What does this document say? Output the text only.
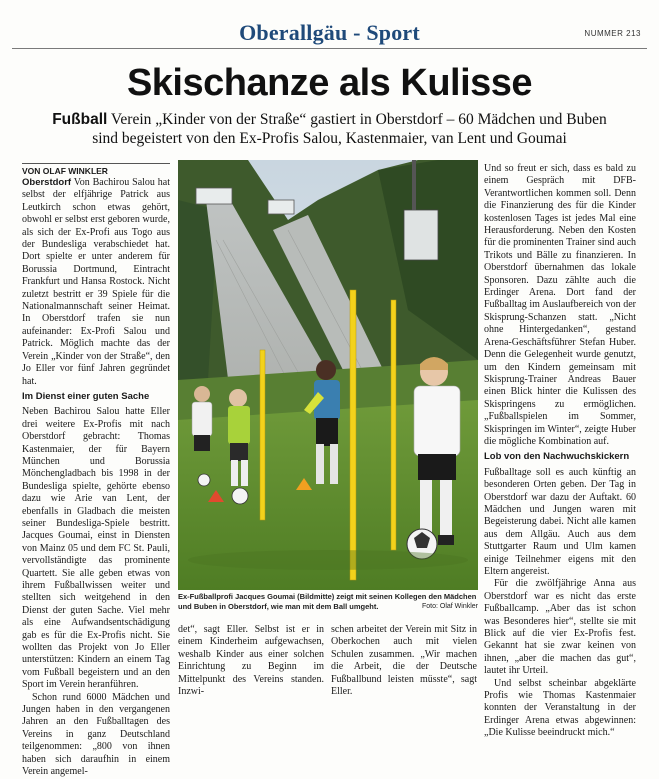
Oberallgäu - Sport	NUMMER 213
Skischanze als Kulisse
Fußball Verein „Kinder von der Straße“ gastiert in Oberstdorf – 60 Mädchen und Buben sind begeistert von den Ex-Profis Salou, Kastenmaier, van Lent und Goumai
VON OLAF WINKLER

Oberstdorf Von Bachirou Salou hat selbst der elfjährige Patrick aus Leutkirch schon etwas gehört, obwohl er selbst erst geboren wurde, als sich der Ex-Profi aus Togo aus der Bundesliga verabschiedet hat. Dort spielte er unter anderem für Borussia Dortmund, Eintracht Frankfurt und Hansa Rostock. Nicht zuletzt bestritt er 39 Spiele für die Nationalmannschaft seiner Heimat. In Oberstdorf trafen sie nun aufeinander: Ex-Profi Salou und Patrick. Möglich machte das der Verein „Kinder von der Straße“, den Jo Eller vor fünf Jahren gegründet hat.

Im Dienst einer guten Sache

Neben Bachirou Salou hatte Eller drei weitere Ex-Profis mit nach Oberstdorf gebracht: Thomas Kastenmaier, der für Bayern München und Borussia Mönchengladbach bis 1998 in der Bundesliga spielte, gehörte ebenso dazu wie Arie van Lent, der ebenfalls in Gladbach die meisten seiner Bundesliga-Spiele bestritt. Jacques Goumai, einst in Diensten von Mainz 05 und dem FC St. Pauli, vervollständigte das prominente Quartett. Sie alle geben etwas von ihrem Fußballwissen weiter und stellten sich weitgehend in den Dienst der guten Sache. Viel mehr als eine Aufwandsentschädigung gab es für die Ex-Profis nicht. Sie wollten das Projekt von Jo Eller unterstützen: Kindern an einem Tag vom Fußball begeistern und an den Sport im Verein heranführen.

Schon rund 6000 Mädchen und Jungen haben in den vergangenen Jahren an den Fußballtagen des Vereins in ganz Deutschland teilgenommen: „800 von ihnen haben sich daraufhin in einem Verein angemel-

Ex-Fußballprofi Jacques Goumai (Bildmitte) zeigt mit seinen Kollegen den Mädchen und Buben in Oberstdorf, wie man mit dem Ball umgeht.	Foto: Olaf Winkler

det“, sagt Eller. Selbst ist er in einem Kinderheim aufgewachsen, weshalb Kinder aus einer solchen Einrichtung zu Beginn im Mittelpunkt des Vereins standen. Inzwi-

schen arbeitet der Verein mit Sitz in Oberkochen auch mit vielen Schulen zusammen. „Wir machen die Arbeit, die der Deutsche Fußballbund leisten müsste“, sagt Eller.

Und so freut er sich, dass es bald zu einem Gespräch mit DFB-Verantwortlichen kommen soll. Denn die Finanzierung des für die Kinder kostenlosen Tages ist jedes Mal eine Herausforderung. Neben den Kosten für die prominenten Trainer sind auch Trikots und Bälle zu finanzieren. In Oberstdorf übernahmen das lokale Sponsoren. Dazu zählte auch die Erdinger Arena. Dort fand der Fußballtag im Auslaufbereich von der Skisprung-Schanzen statt. „Nicht ohne Hintergedanken“, gestand Arena-Geschäftsführer Stefan Huber. Denn die Gelegenheit wurde genutzt, um den Kindern gemeinsam mit Skisprung-Trainer Andreas Bauer einen Blick hinter die Kulissen des Skispringens zu ermöglichen. „Fußballspielen im Sommer, Skispringen im Winter“, zeigte Huber die mögliche Kombination auf.

Lob von den Nachwuchskickern

Fußballtage soll es auch künftig an besonderen Orten geben. Der Tag in Oberstdorf war dazu der Auftakt. 60 Mädchen und Jungen waren mit Begeisterung dabei. Nicht alle kamen aus dem Allgäu. Auch aus dem Stuttgarter Raum und Ulm kamen einige Teilnehmer eigens mit den Eltern angereist.

Für die zwölfjährige Anna aus Oberstdorf war es nicht das erste Fußballcamp. „Aber das ist schon was Besonderes hier“, stellte sie mit Blick auf die vier Ex-Profis fest. Gekannt hat sie zwar keinen von ihnen, „aber die machen das gut“, lautet ihr Urteil.

Und selbst scheinbar abgeklärte Profis wie Thomas Kastenmaier konnten der Veranstaltung in der Erdinger Arena etwas abgewinnen: „Die Kulisse beeindruckt mich.“
